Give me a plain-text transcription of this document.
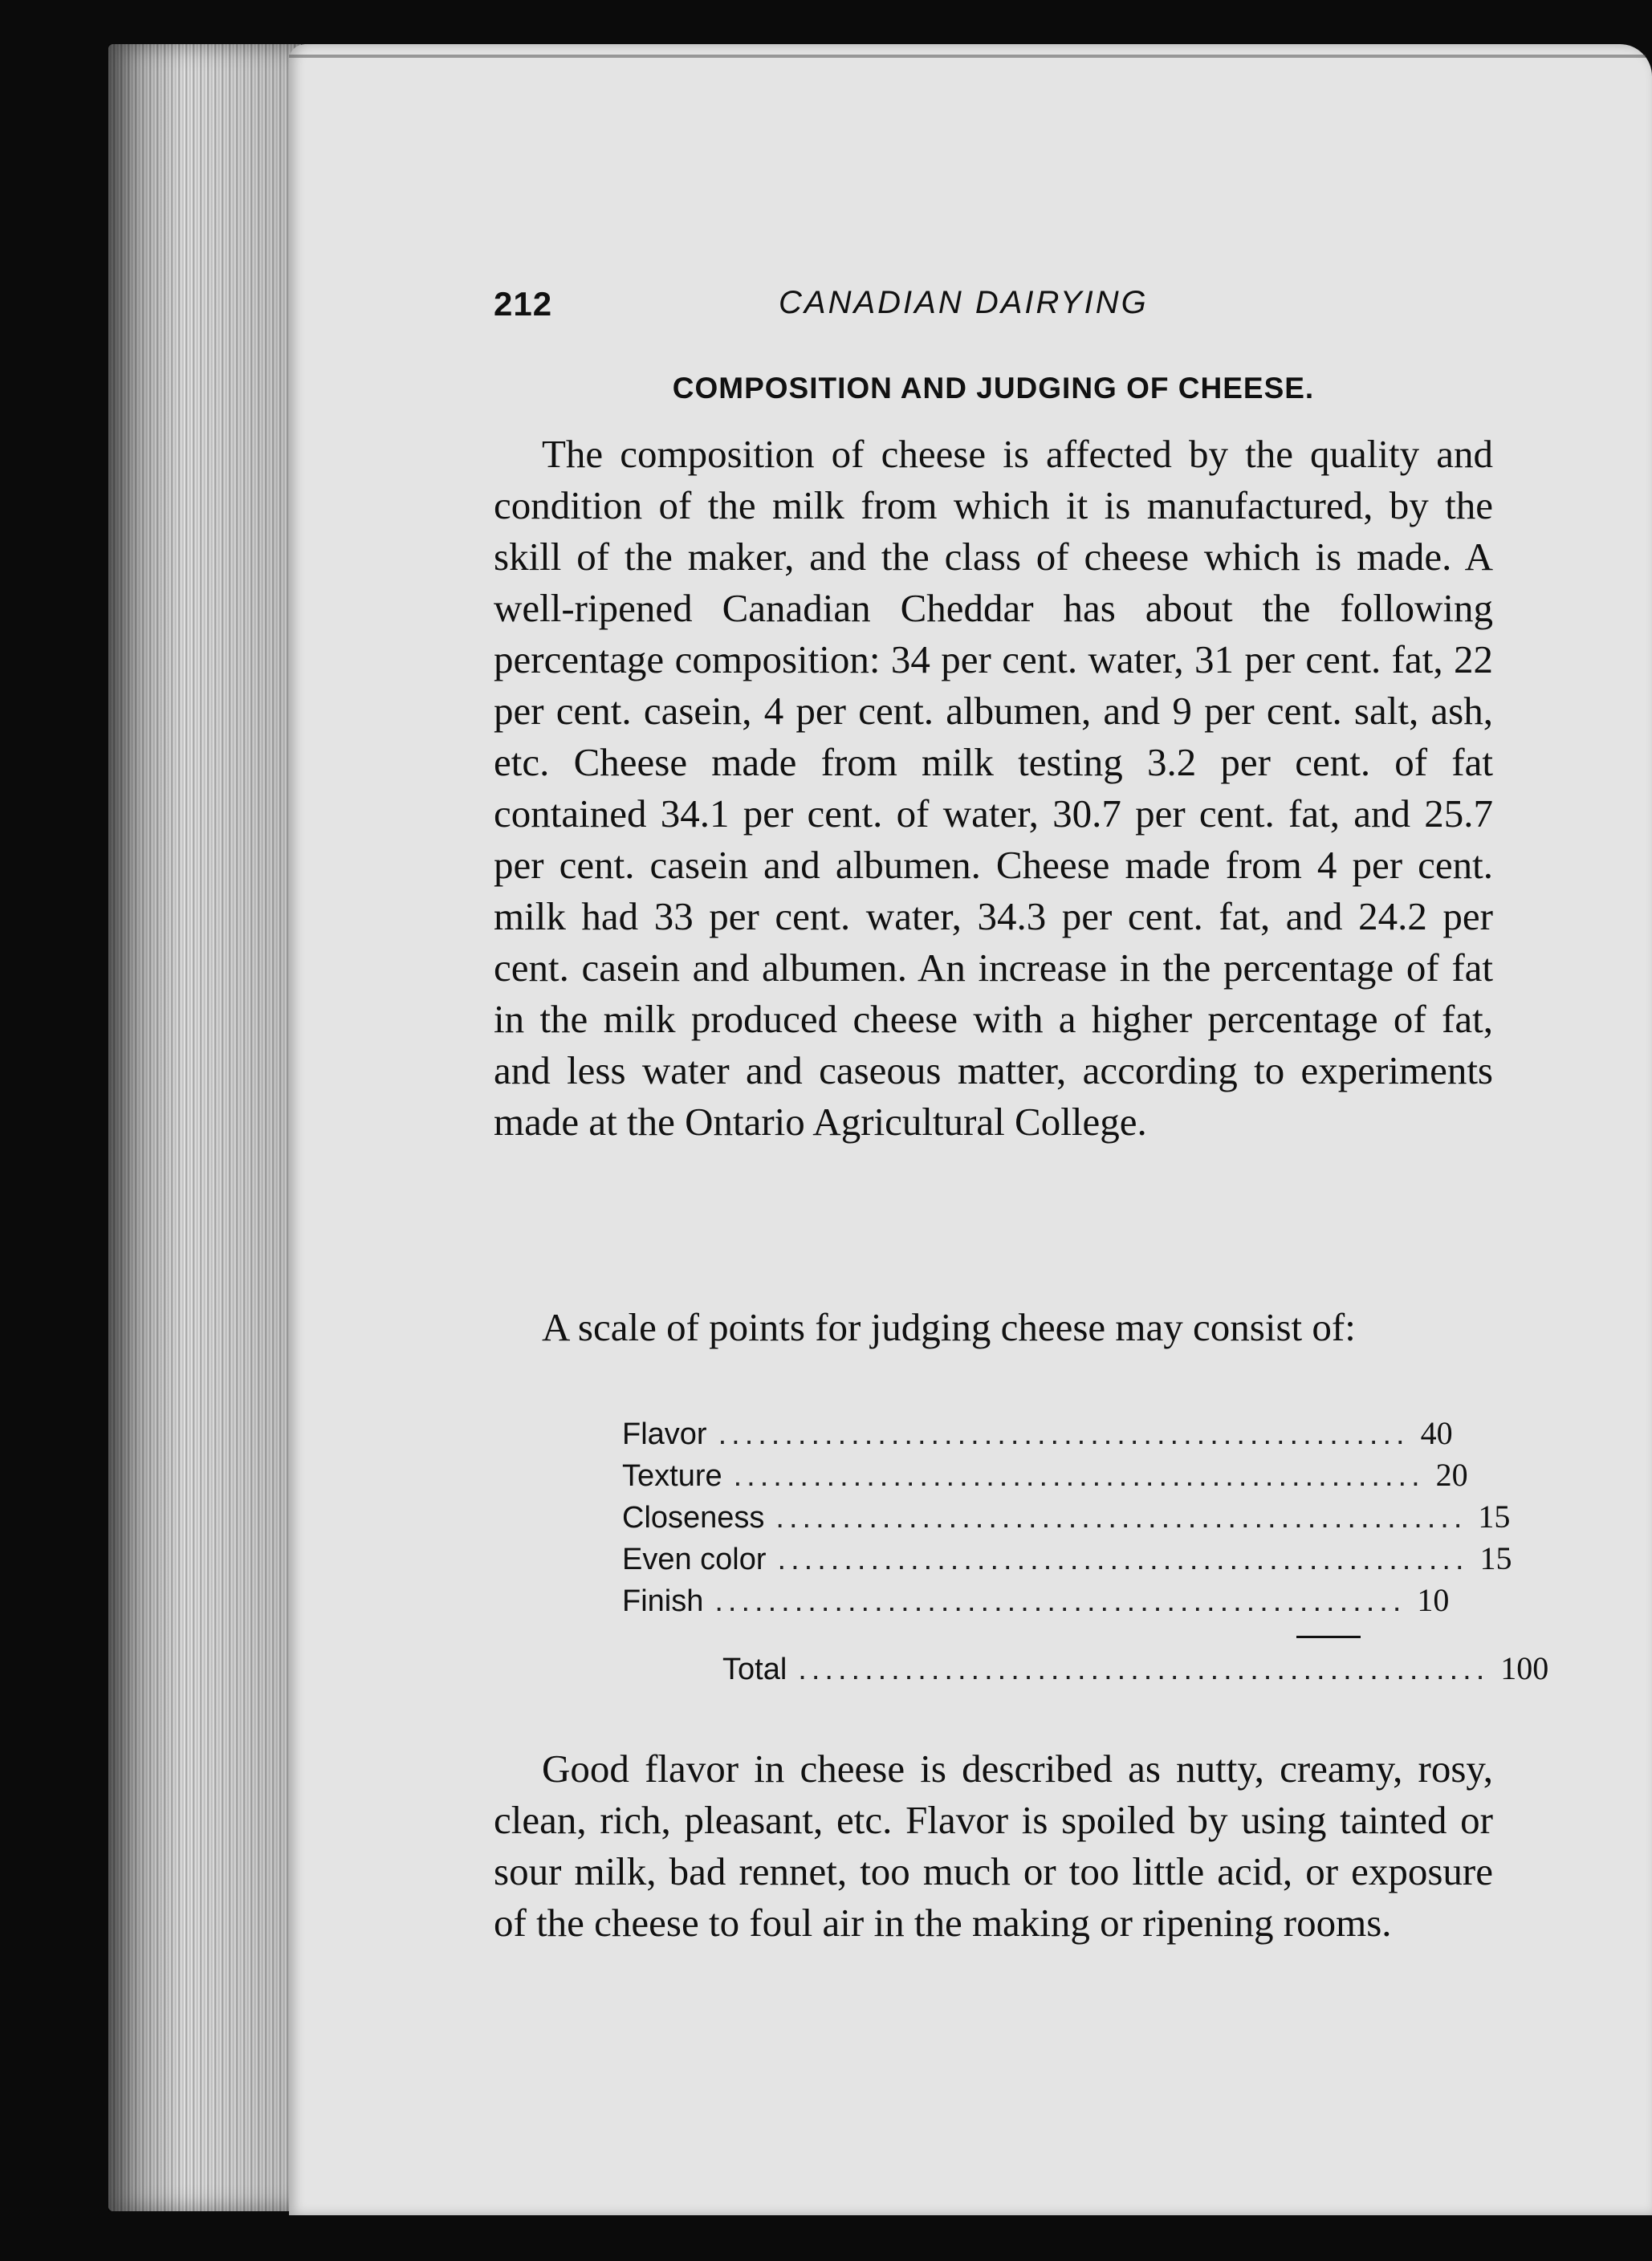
212	CANADIAN DAIRYING
COMPOSITION AND JUDGING OF CHEESE.

The composition of cheese is affected by the quality and condition of the milk from which it is manufactured, by the skill of the maker, and the class of cheese which is made. A well-ripened Canadian Cheddar has about the following percentage composition: 34 per cent. water, 31 per cent. fat, 22 per cent. casein, 4 per cent. albumen, and 9 per cent. salt, ash, etc. Cheese made from milk testing 3.2 per cent. of fat contained 34.1 per cent. of water, 30.7 per cent. fat, and 25.7 per cent. casein and albumen. Cheese made from 4 per cent. milk had 33 per cent. water, 34.3 per cent. fat, and 24.2 per cent. casein and albumen. An increase in the percentage of fat in the milk produced cheese with a higher percentage of fat, and less water and caseous matter, according to experiments made at the Ontario Agricultural College.

A scale of points for judging cheese may consist of:

Flavor .................................................... 40
Texture .................................................... 20
Closeness .................................................... 15
Even color .................................................... 15
Finish .................................................... 10
Total .................................................... 100

Good flavor in cheese is described as nutty, creamy, rosy, clean, rich, pleasant, etc. Flavor is spoiled by using tainted or sour milk, bad rennet, too much or too little acid, or exposure of the cheese to foul air in the making or ripening rooms.
